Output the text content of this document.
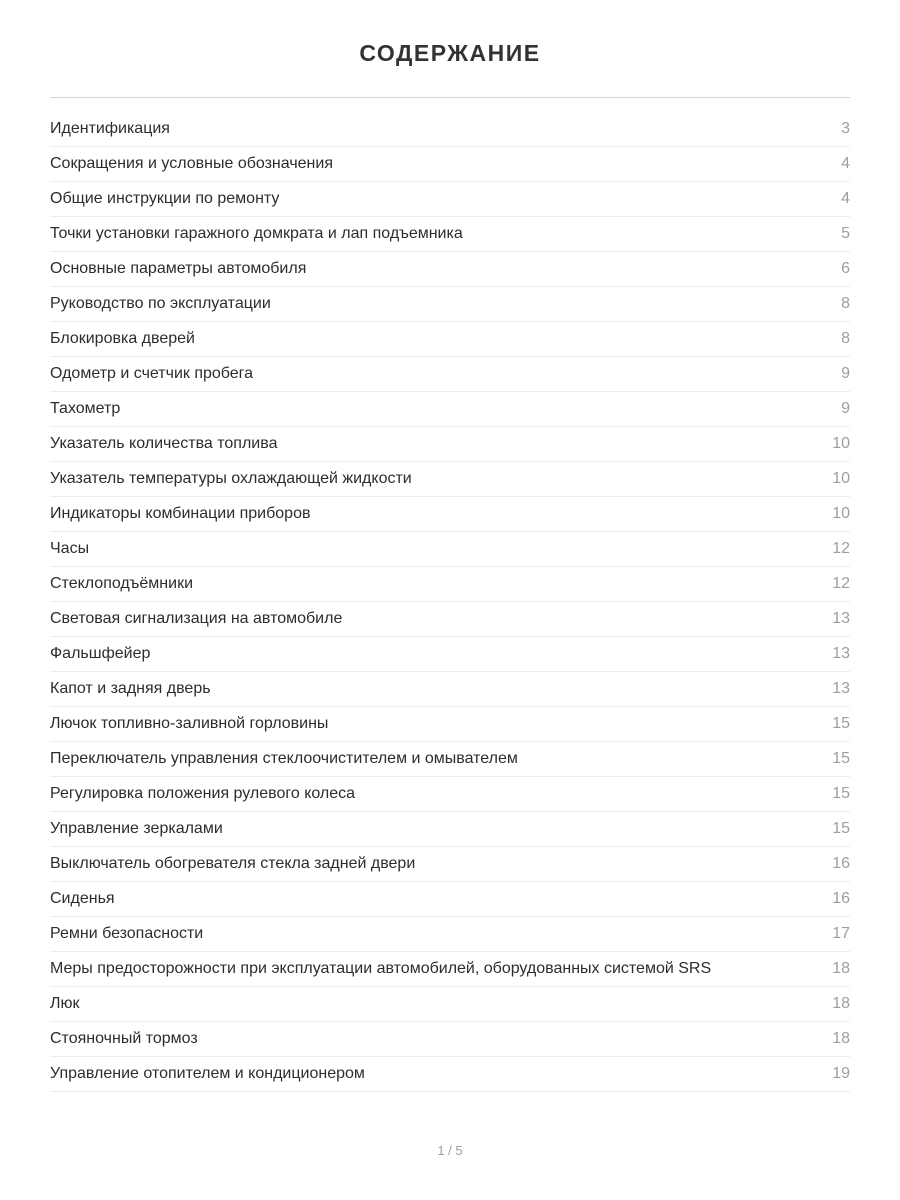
СОДЕРЖАНИЕ
Идентификация	3
Сокращения и условные обозначения	4
Общие инструкции по ремонту	4
Точки установки гаражного домкрата и лап подъемника	5
Основные параметры автомобиля	6
Руководство по эксплуатации	8
Блокировка дверей	8
Одометр и счетчик пробега	9
Тахометр	9
Указатель количества топлива	10
Указатель температуры охлаждающей жидкости	10
Индикаторы комбинации приборов	10
Часы	12
Стеклоподъёмники	12
Световая сигнализация на автомобиле	13
Фальшфейер	13
Капот и задняя дверь	13
Лючок топливно-заливной горловины	15
Переключатель управления стеклоочистителем и омывателем	15
Регулировка положения рулевого колеса	15
Управление зеркалами	15
Выключатель обогревателя стекла задней двери	16
Сиденья	16
Ремни безопасности	17
Меры предосторожности при эксплуатации автомобилей, оборудованных системой SRS	18
Люк	18
Стояночный тормоз	18
Управление отопителем и кондиционером	19
1 / 5
